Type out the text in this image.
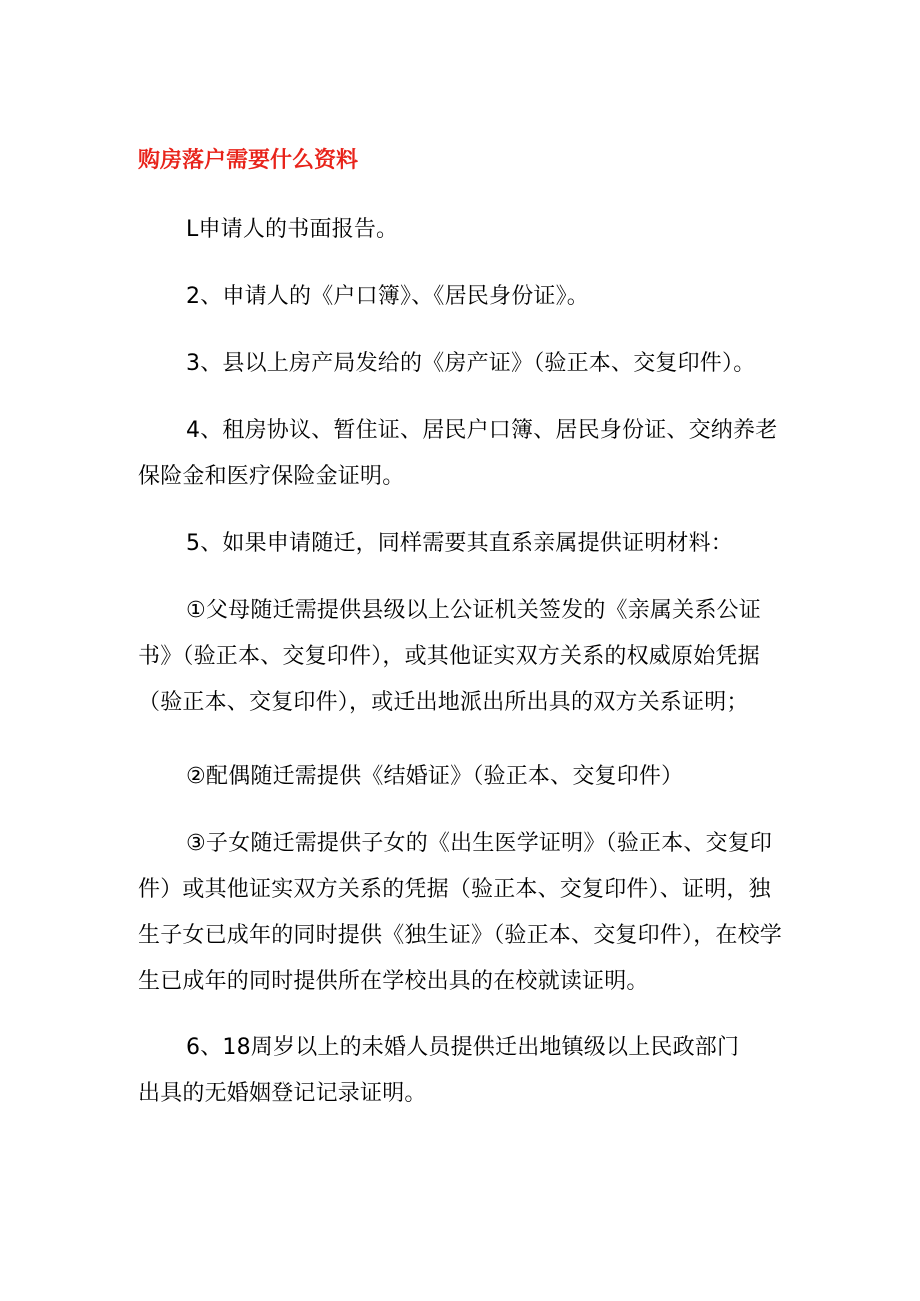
购房落户需要什么资料

L申请人的书面报告。

2、申请人的《户口簿》、《居民身份证》。

3、县以上房产局发给的《房产证》（验正本、交复印件）。

4、租房协议、暂住证、居民户口簿、居民身份证、交纳养老保险金和医疗保险金证明。

5、如果申请随迁，同样需要其直系亲属提供证明材料：

①父母随迁需提供县级以上公证机关签发的《亲属关系公证书》（验正本、交复印件），或其他证实双方关系的权威原始凭据（验正本、交复印件），或迁出地派出所出具的双方关系证明；

②配偶随迁需提供《结婚证》（验正本、交复印件）

③子女随迁需提供子女的《出生医学证明》（验正本、交复印件）或其他证实双方关系的凭据（验正本、交复印件）、证明，独生子女已成年的同时提供《独生证》（验正本、交复印件），在校学生已成年的同时提供所在学校出具的在校就读证明。

6、18周岁以上的未婚人员提供迁出地镇级以上民政部门出具的无婚姻登记记录证明。
